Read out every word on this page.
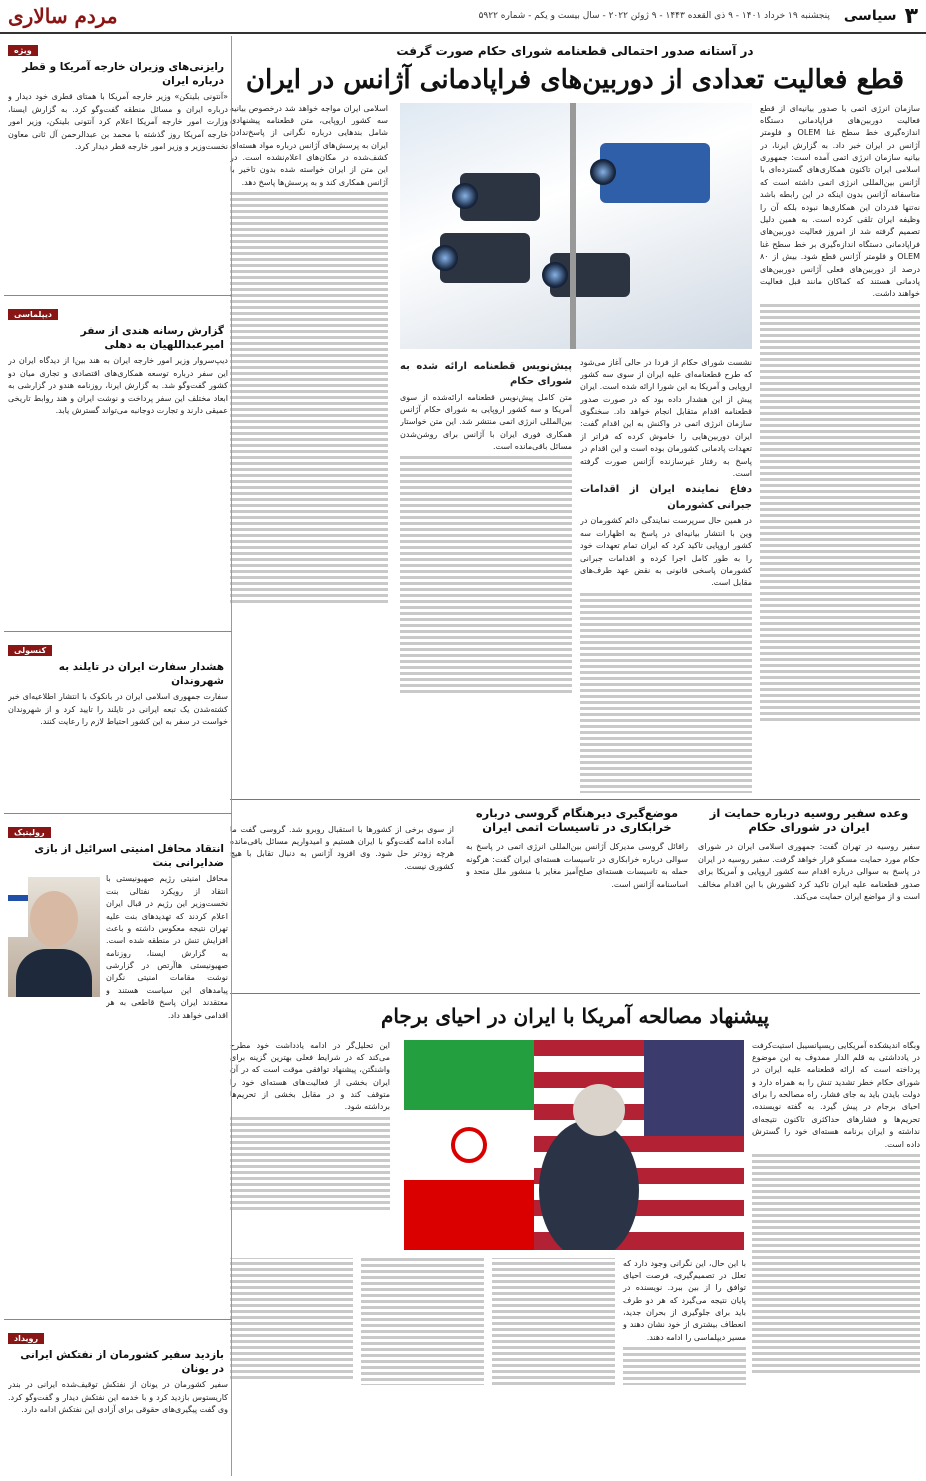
۳
سیاسی
پنجشنبه ۱۹ خرداد ۱۴۰۱ - ۹ ذی القعده ۱۴۴۳ - ۹ ژوئن ۲۰۲۲ - سال بیست و یکم - شماره ۵۹۲۲
مردم سالاری
در آستانه صدور احتمالی قطعنامه شورای حکام صورت گرفت
قطع فعالیت تعدادی از دوربین‌های فراپادمانی آژانس در ایران
سازمان انرژی اتمی با صدور بیانیه‌ای از قطع فعالیت دوربین‌های فراپادمانی دستگاه اندازه‌گیری خط سطح غنا OLEM و فلومتر آژانس در ایران خبر داد. به گزارش ایرنا، در بیانیه سازمان انرژی اتمی آمده است: جمهوری اسلامی ایران تاکنون همکاری‌های گسترده‌ای با آژانس بین‌المللی انرژی اتمی داشته است که متاسفانه آژانس بدون اینکه در این رابطه باشد نه‌تنها قدردان این همکاری‌ها نبوده بلکه آن را وظیفه ایران تلقی کرده است. به همین دلیل تصمیم گرفته شد از امروز فعالیت دوربین‌های فراپادمانی دستگاه اندازه‌گیری بر خط سطح غنا OLEM و فلومتر آژانس قطع شود. بیش از ۸۰ درصد از دوربین‌های فعلی آژانس دوربین‌های پادمانی هستند که کماکان مانند قبل فعالیت خواهند داشت.
اسلامی ایران مواجه خواهد شد درخصوص بیانیه سه کشور اروپایی، متن قطعنامه پیشنهادی شامل بندهایی درباره نگرانی از پاسخ‌ندادن ایران به پرسش‌های آژانس درباره مواد هسته‌ای کشف‌شده در مکان‌های اعلام‌نشده است. در این متن از ایران خواسته شده بدون تاخیر با آژانس همکاری کند و به پرسش‌ها پاسخ دهد.
نشست شورای حکام از فردا در حالی آغاز می‌شود که طرح قطعنامه‌ای علیه ایران از سوی سه کشور اروپایی و آمریکا به این شورا ارائه شده است. ایران پیش از این هشدار داده بود که در صورت صدور قطعنامه اقدام متقابل انجام خواهد داد. سخنگوی سازمان انرژی اتمی در واکنش به این اقدام گفت: ایران دوربین‌هایی را خاموش کرده که فراتر از تعهدات پادمانی کشورمان بوده است و این اقدام در پاسخ به رفتار غیرسازنده آژانس صورت گرفته است.
دفاع نماینده ایران از اقدامات جبرانی کشورمان
در همین حال سرپرست نمایندگی دائم کشورمان در وین با انتشار بیانیه‌ای در پاسخ به اظهارات سه کشور اروپایی تاکید کرد که ایران تمام تعهدات خود را به طور کامل اجرا کرده و اقدامات جبرانی کشورمان پاسخی قانونی به نقض عهد طرف‌های مقابل است.
پیش‌نویس قطعنامه ارائه شده به شورای حکام
متن کامل پیش‌نویس قطعنامه ارائه‌شده از سوی آمریکا و سه کشور اروپایی به شورای حکام آژانس بین‌المللی انرژی اتمی منتشر شد. این متن خواستار همکاری فوری ایران با آژانس برای روشن‌شدن مسائل باقی‌مانده است.
وعده سفیر روسیه درباره حمایت از ایران در شورای حکام
سفیر روسیه در تهران گفت: جمهوری اسلامی ایران در شورای حکام مورد حمایت مسکو قرار خواهد گرفت. سفیر روسیه در ایران در پاسخ به سوالی درباره اقدام سه کشور اروپایی و آمریکا برای صدور قطعنامه علیه ایران تاکید کرد کشورش با این اقدام مخالف است و از مواضع ایران حمایت می‌کند.
موضع‌گیری دیرهنگام گروسی درباره خرابکاری در تاسیسات اتمی ایران
رافائل گروسی مدیرکل آژانس بین‌المللی انرژی اتمی در پاسخ به سوالی درباره خرابکاری در تاسیسات هسته‌ای ایران گفت: هرگونه حمله به تاسیسات هسته‌ای صلح‌آمیز مغایر با منشور ملل متحد و اساسنامه آژانس است.
از سوی برخی از کشورها با استقبال روبرو شد. گروسی گفت ما آماده ادامه گفت‌وگو با ایران هستیم و امیدواریم مسائل باقی‌مانده هرچه زودتر حل شود. وی افزود آژانس به دنبال تقابل با هیچ کشوری نیست.
پیشنهاد مصالحه آمریکا با ایران در احیای برجام
وبگاه اندیشکده آمریکایی ریسپانسیبل استیت‌کرفت در یادداشتی به قلم الدار ممدوف به این موضوع پرداخته است که ارائه قطعنامه علیه ایران در شورای حکام خطر تشدید تنش را به همراه دارد و دولت بایدن باید به جای فشار، راه مصالحه را برای احیای برجام در پیش گیرد. به گفته نویسنده، تحریم‌ها و فشارهای حداکثری تاکنون نتیجه‌ای نداشته و ایران برنامه هسته‌ای خود را گسترش داده است.
این تحلیل‌گر در ادامه یادداشت خود مطرح می‌کند که در شرایط فعلی بهترین گزینه برای واشنگتن، پیشنهاد توافقی موقت است که در آن ایران بخشی از فعالیت‌های هسته‌ای خود را متوقف کند و در مقابل بخشی از تحریم‌ها برداشته شود.
با این حال، این نگرانی وجود دارد که تعلل در تصمیم‌گیری، فرصت احیای توافق را از بین ببرد. نویسنده در پایان نتیجه می‌گیرد که هر دو طرف باید برای جلوگیری از بحران جدید، انعطاف بیشتری از خود نشان دهند و مسیر دیپلماسی را ادامه دهند.
ویژه
رایزنی‌های وزیران خارجه آمریکا و قطر درباره ایران
«آنتونی بلینکن» وزیر خارجه آمریکا با همتای قطری خود دیدار و درباره ایران و مسائل منطقه گفت‌وگو کرد. به گزارش ایسنا، وزارت امور خارجه آمریکا اعلام کرد آنتونی بلینکن، وزیر امور خارجه آمریکا روز گذشته با محمد بن عبدالرحمن آل ثانی معاون نخست‌وزیر و وزیر امور خارجه قطر دیدار کرد.
دیپلماسی
گزارش رسانه هندی از سفر امیرعبداللهیان به دهلی
دیپ‌سروار وزیر امور خارجه ایران به هند بین‌ا از دیدگاه ایران در این سفر درباره توسعه همکاری‌های اقتصادی و تجاری میان دو کشور گفت‌وگو شد. به گزارش ایرنا، روزنامه هندو در گزارشی به ابعاد مختلف این سفر پرداخت و نوشت ایران و هند روابط تاریخی عمیقی دارند و تجارت دوجانبه می‌تواند گسترش یابد.
کنسولی
هشدار سفارت ایران در تایلند به شهروندان
سفارت جمهوری اسلامی ایران در بانکوک با انتشار اطلاعیه‌ای خبر کشته‌شدن یک تبعه ایرانی در تایلند را تایید کرد و از شهروندان خواست در سفر به این کشور احتیاط لازم را رعایت کنند.
رولیتیک
انتقاد محافل امنیتی اسرائیل از بازی ضدایرانی بنت
محافل امنیتی رژیم صهیونیستی با انتقاد از رویکرد نفتالی بنت نخست‌وزیر این رژیم در قبال ایران اعلام کردند که تهدیدهای بنت علیه تهران نتیجه معکوس داشته و باعث افزایش تنش در منطقه شده است. به گزارش ایسنا، روزنامه صهیونیستی هاآرتص در گزارشی نوشت مقامات امنیتی نگران پیامدهای این سیاست هستند و معتقدند ایران پاسخ قاطعی به هر اقدامی خواهد داد.
رویداد
بازدید سفیر کشورمان از نفتکش ایرانی در یونان
سفیر کشورمان در یونان از نفتکش توقیف‌شده ایرانی در بندر کاریستوس بازدید کرد و با خدمه این نفتکش دیدار و گفت‌وگو کرد. وی گفت پیگیری‌های حقوقی برای آزادی این نفتکش ادامه دارد.
